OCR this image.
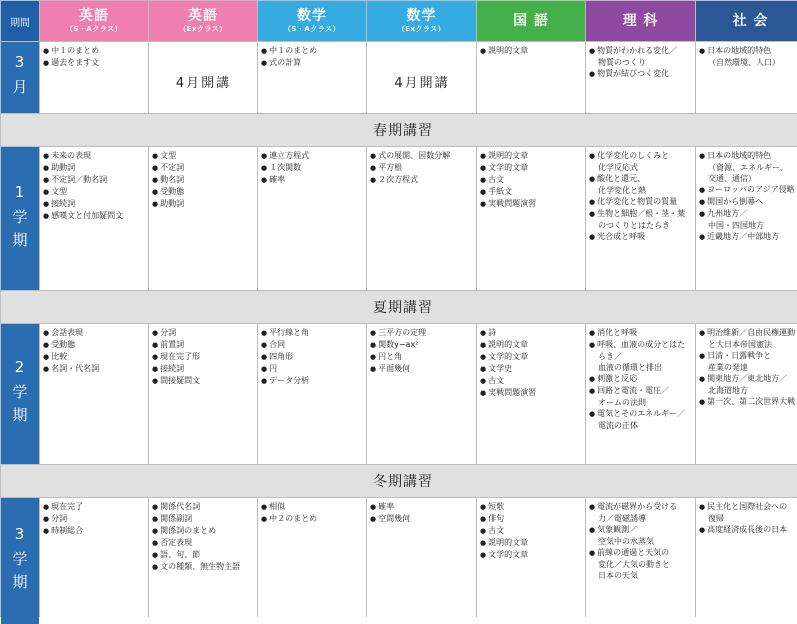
期間	英語
（S・Aクラス）
英語
（Exクラス）
数学
（S・Aクラス）
数学
（Exクラス）	国 語	理 科	社 会
3月
● 中１のまとめ
● 過去をます文
4月開講
● 中１のまとめ
● 式の計算
4月開講
● 説明的文章
●	物質がわかれる変化／
物質のつくり
● 物質が結びつく変化
● 日本の地域的特色
（自然環境、人口）
春期講習
1学期
● 未来の表現
● 助動詞
● 不定詞／動名詞
● 文型
● 接続詞
● 感嘆文と付加疑問文
● 文型
● 不定詞
● 動名詞
● 受動態
● 助動詞
● 連立方程式
● １次関数
● 確率
● 式の展開、因数分解
● 平方根
● ２次方程式
● 説明的文章
● 文学的文章
● 古文
● 手紙文
● 実戦問題演習
● 化学変化のしくみと
化学反応式
● 酸化と還元、
化学変化と熱
● 化学変化と物質の質量
● 生物と細胞／根・茎・葉
のつくりとはたらき
● 光合成と呼吸
● 日本の地域的特色
（資源、エネルギー、
交通、通信）
● ヨーロッパのアジア侵略
● 開国から倒幕へ
● 九州地方／
中国・四国地方
● 近畿地方／中部地方
夏期講習
2学期
● 会話表現
● 受動態
● 比較
● 名詞・代名詞
● 分詞
● 前置詞
● 現在完了形
● 接続詞
● 間接疑問文
● 平行線と角
● 合同
● 四角形
● 円
● データ分析
● 三平方の定理
● 関数y−ax²
● 円と角
● 平面幾何
● 詩
● 説明的文章
● 文学的文章
● 文学史
● 古文
● 実戦問題演習
● 消化と呼吸
● 呼吸、血液の成分とはた
らき／
血液の循環と排出
● 刺激と反応
● 回路と電流・電圧／
オームの法則
● 電気とそのエネルギー／
電流の正体
● 明治維新／自由民権運動
と大日本帝国憲法
● 日清・日露戦争と
産業の発達
● 関東地方／東北地方／
北海道地方
● 第一次、第二次世界大戦
冬期講習
3学期
● 現在完了
● 分詞
● 時制総合
● 関係代名詞
● 関係副詞
● 関係詞のまとめ
● 否定表現
● 語、句、節
● 文の種類、無生物主語
● 相似
● 中２のまとめ
● 確率
● 空間幾何
● 短歌
● 俳句
● 古文
● 説明的文章
● 文学的文章
● 電流が磁界から受ける
力／電磁誘導
● 気象観測／
空気中の水蒸気
● 前線の通過と天気の
変化／大気の動きと
日本の天気
● 民主化と国際社会への
復帰
● 高度経済成長後の日本
